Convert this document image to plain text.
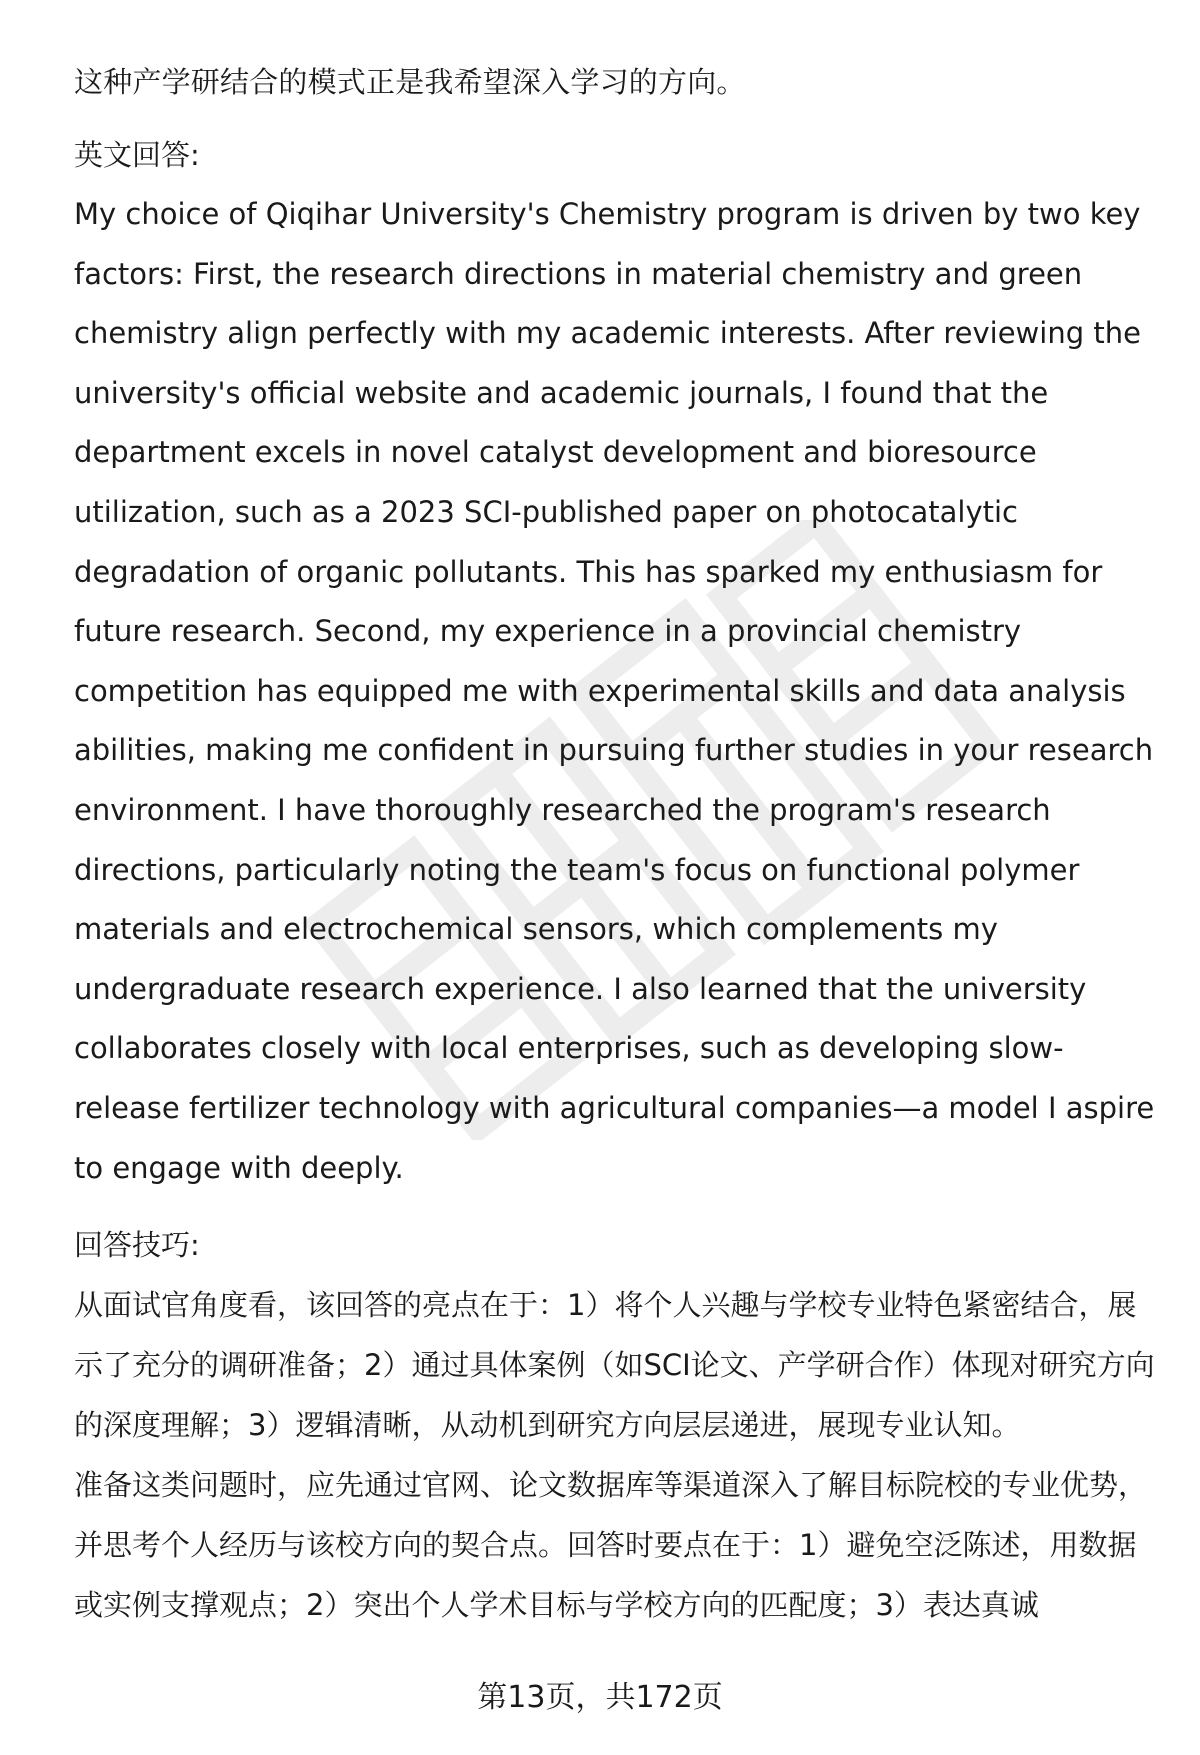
这种产学研结合的模式正是我希望深入学习的方向。

英文回答:

My choice of Qiqihar University's Chemistry program is driven by two key factors: First, the research directions in material chemistry and green chemistry align perfectly with my academic interests. After reviewing the university's official website and academic journals, I found that the department excels in novel catalyst development and bioresource utilization, such as a 2023 SCI-published paper on photocatalytic degradation of organic pollutants. This has sparked my enthusiasm for future research. Second, my experience in a provincial chemistry competition has equipped me with experimental skills and data analysis abilities, making me confident in pursuing further studies in your research environment. I have thoroughly researched the program's research directions, particularly noting the team's focus on functional polymer materials and electrochemical sensors, which complements my undergraduate research experience. I also learned that the university collaborates closely with local enterprises, such as developing slow-release fertilizer technology with agricultural companies—a model I aspire to engage with deeply.

回答技巧:

从面试官角度看，该回答的亮点在于：1）将个人兴趣与学校专业特色紧密结合，展示了充分的调研准备；2）通过具体案例（如SCI论文、产学研合作）体现对研究方向的深度理解；3）逻辑清晰，从动机到研究方向层层递进，展现专业认知。

准备这类问题时，应先通过官网、论文数据库等渠道深入了解目标院校的专业优势，并思考个人经历与该校方向的契合点。回答时要点在于：1）避免空泛陈述，用数据或实例支撑观点；2）突出个人学术目标与学校方向的匹配度；3）表达真诚

第13页，共172页
